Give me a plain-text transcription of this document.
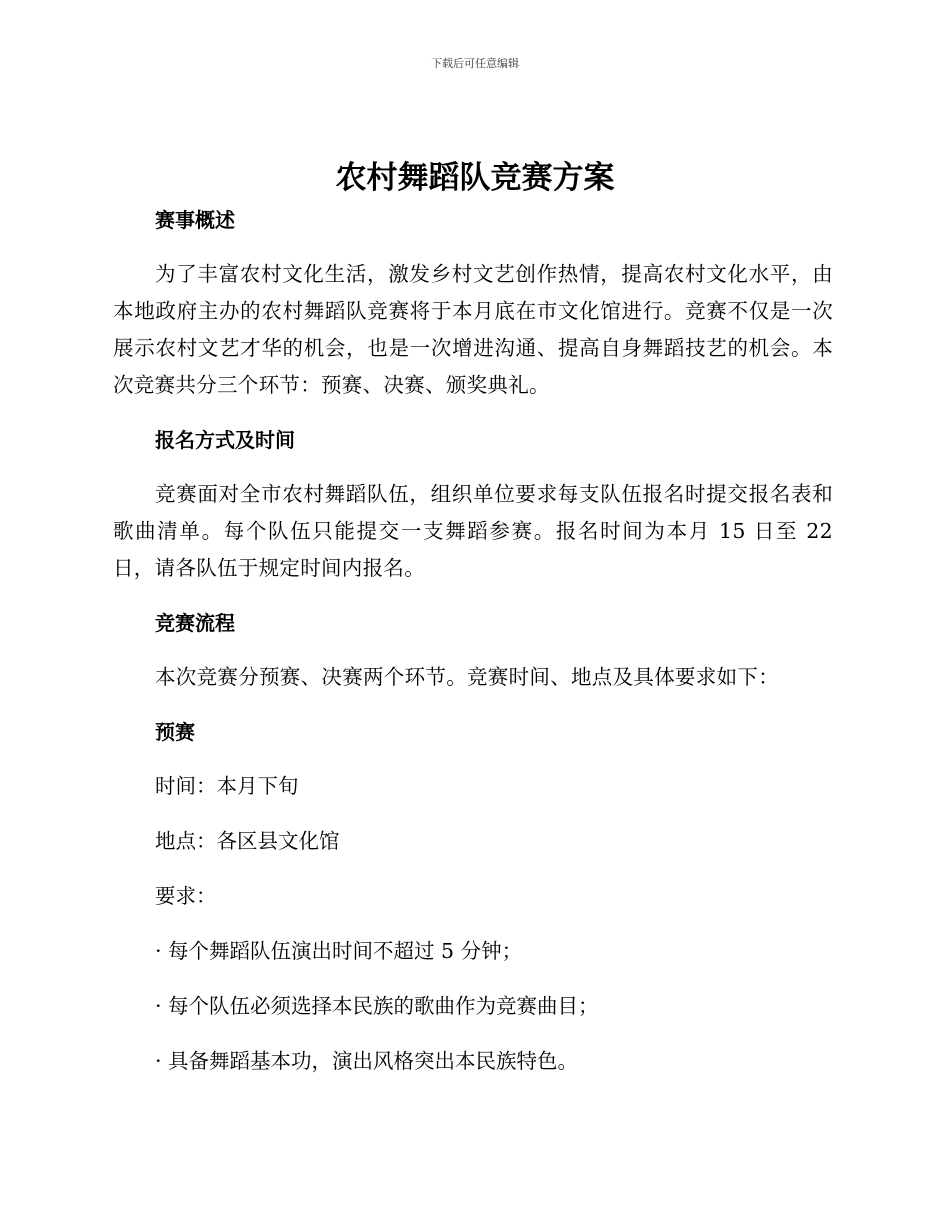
下载后可任意编辑
农村舞蹈队竞赛方案
赛事概述

为了丰富农村文化生活，激发乡村文艺创作热情，提高农村文化水平，由本地政府主办的农村舞蹈队竞赛将于本月底在市文化馆进行。竞赛不仅是一次展示农村文艺才华的机会，也是一次增进沟通、提高自身舞蹈技艺的机会。本次竞赛共分三个环节：预赛、决赛、颁奖典礼。

报名方式及时间

竞赛面对全市农村舞蹈队伍，组织单位要求每支队伍报名时提交报名表和歌曲清单。每个队伍只能提交一支舞蹈参赛。报名时间为本月 15 日至 22 日，请各队伍于规定时间内报名。

竞赛流程

本次竞赛分预赛、决赛两个环节。竞赛时间、地点及具体要求如下：

预赛
时间：本月下旬
地点：各区县文化馆
要求：
· 每个舞蹈队伍演出时间不超过 5 分钟；
· 每个队伍必须选择本民族的歌曲作为竞赛曲目；
· 具备舞蹈基本功，演出风格突出本民族特色。
